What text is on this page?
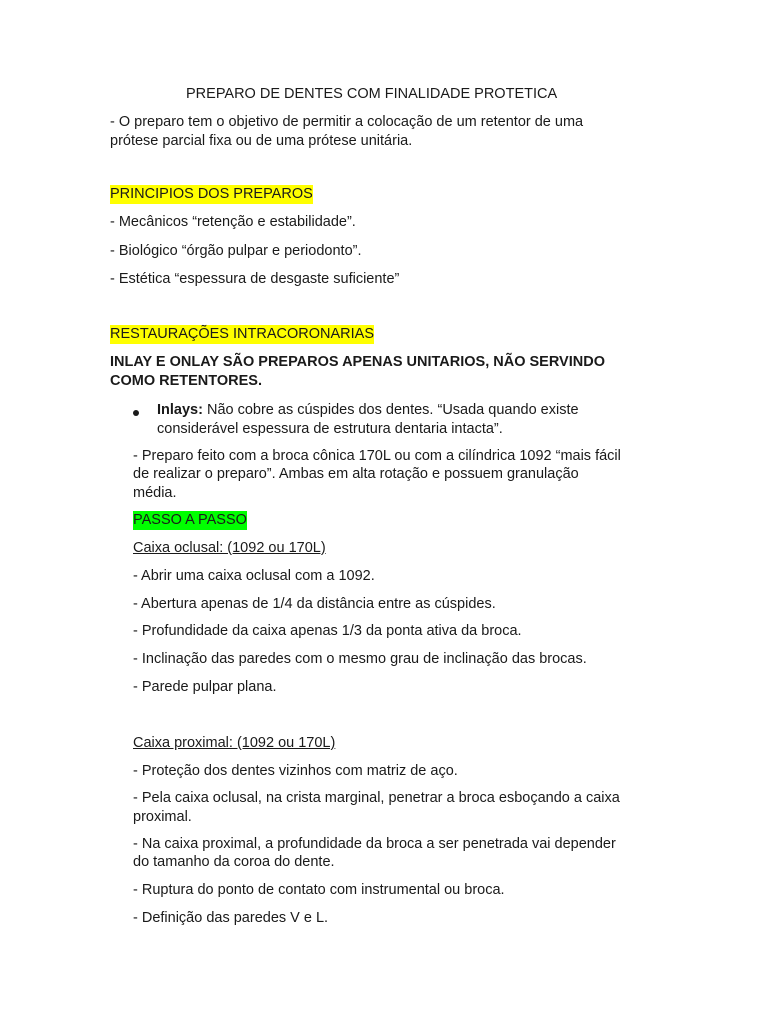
PREPARO DE DENTES COM FINALIDADE PROTETICA
- O preparo tem o objetivo de permitir a colocação de um retentor de uma
prótese parcial fixa ou de uma prótese unitária.
PRINCIPIOS DOS PREPAROS
- Mecânicos “retenção e estabilidade”.
- Biológico “órgão pulpar e periodonto”.
- Estética “espessura de desgaste suficiente”
RESTAURAÇÕES INTRACORONARIAS
INLAY E ONLAY SÃO PREPAROS APENAS UNITARIOS, NÃO SERVINDO
COMO RETENTORES.
Inlays: Não cobre as cúspides dos dentes. “Usada quando existe
considerável espessura de estrutura dentaria intacta”.
- Preparo feito com a broca cônica 170L ou com a cilíndrica 1092 “mais fácil
de realizar o preparo”. Ambas em alta rotação e possuem granulação
média.
PASSO A PASSO
Caixa oclusal: (1092 ou 170L)
- Abrir uma caixa oclusal com a 1092.
- Abertura apenas de 1/4 da distância entre as cúspides.
- Profundidade da caixa apenas 1/3 da ponta ativa da broca.
- Inclinação das paredes com o mesmo grau de inclinação das brocas.
- Parede pulpar plana.
Caixa proximal: (1092 ou 170L)
- Proteção dos dentes vizinhos com matriz de aço.
- Pela caixa oclusal, na crista marginal, penetrar a broca esboçando a caixa
proximal.
- Na caixa proximal, a profundidade da broca a ser penetrada vai depender
do tamanho da coroa do dente.
- Ruptura do ponto de contato com instrumental ou broca.
- Definição das paredes V e L.
